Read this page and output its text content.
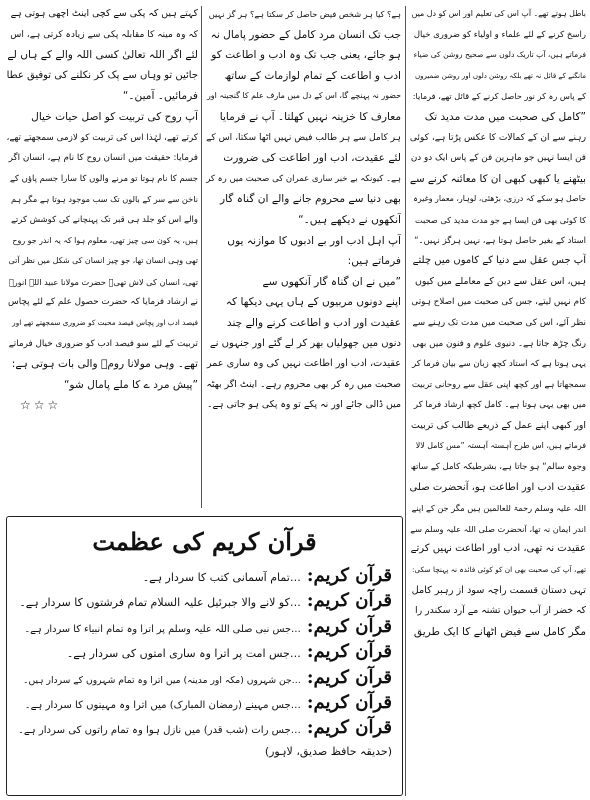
باطل ہوتے تھے۔ آپ اس کی تعلیم اور اس کو دل میں
راسخ کرنے کے لئے علماء و اولیاء کو ضروری خیال
فرماتے ہیں، آپ تاریک دلوں سے صحیح روشن کی ضیاء
مانگنے کے قائل نہ تھے بلکہ روشن دلوں اور روشن ضمیروں
کے پاس رہ کر نور حاصل کرنے کے قائل تھے، فرمایا:
”کامل کی صحبت میں مدت مدید تک
رہنے سے ان کے کمالات کا عکس پڑتا ہے، کوئی
فن ایسا نہیں جو ماہرین فن کے پاس ایک دو دن
بیٹھنے یا کبھی کبھی ان کا معائنہ کرنے سے
حاصل ہو سکے کہ درزی، بڑھئی، لوہار، معمار وغیرہ
کا کوئی بھی فن ایسا ہے جو مدت مدید کی صحبت
استاد کے بغیر حاصل ہوتا ہے، نہیں ہرگز نہیں۔“
آپ جس عقل سے دنیا کے کاموں میں چلتے
ہیں، اس عقل سے دین کے معاملے میں کیوں
کام نہیں لیتے، جس کی صحبت میں اصلاح ہوتی
نظر آئے، اس کی صحبت میں مدت تک رہنے سے
رنگ چڑھ جاتا ہے۔ دنیوی علوم و فنون میں بھی
یہی ہوتا ہے کہ استاد کچھ زبان سے بیان فرما کر
سمجھاتا ہے اور کچھ اپنی عقل سے روحانی تربیت
میں بھی یہی ہوتا ہے۔ کامل کچھ ارشاد فرما کر
اور کبھی اپنے عمل کے ذریعے طالب کی تربیت
فرماتے ہیں، اس طرح آہستہ آہستہ ”مس کامل لالا
وجوہ سالم“ ہو جاتا ہے، بشرطیکہ کامل کے ساتھ
عقیدت ادب اور اطاعت ہو، آنحضرت صلی
اللہ علیہ وسلم رحمۃ للعالمین ہیں مگر جن کے اپنے
اندر ایمان نہ تھا، آنحضرت صلی اللہ علیہ وسلم سے
عقیدت نہ تھی، ادب اور اطاعت نہیں کرتے
تھے، آپ کی صحبت بھی ان کو کوئی فائدہ نہ پہنچا سکی:
تہی دستان قسمت راچہ سود از رہبر کامل
کہ خضر از آب حیواں تشنہ مے آرد سکندر را
مگر کامل سے فیض اٹھانے کا ایک طریق
ہے؟ کیا ہر شخص فیض حاصل کر سکتا ہے؟ ہر گز نہیں
جب تک انسان مرد کامل کے حضور پامال نہ
ہو جائے، یعنی جب تک وہ ادب و اطاعت کو
ادب و اطاعت کے تمام لوازمات کے ساتھ
حضور نہ پہنچے گا، اس کے دل میں مارف علم کا گنجینہ اور
معارف کا خزینہ نہیں کھلتا۔ آپ نے فرمایا
ہر کامل سے ہر طالب فیض نہیں اٹھا سکتا، اس کے
لئے عقیدت، ادب اور اطاعت کی ضرورت
ہے۔ کیونکہ بے خبر ساری عمران کی صحبت میں رہ کر
بھی دنیا سے محروم جانے والے ان گناہ گار
آنکھوں نے دیکھے ہیں۔“
آپ اہل ادب اور بے ادبوں کا موازنہ یوں
فرماتے ہیں:
”میں نے ان گناہ گار آنکھوں سے
اپنے دونوں مربیوں کے ہاں یہی دیکھا کہ
عقیدت اور ادب و اطاعت کرنے والے چند
دنوں میں جھولیاں بھر کر لے گئے اور جنہوں نے
عقیدت، ادب اور اطاعت نہیں کی وہ ساری عمر
صحبت میں رہ کر بھی محروم رہے۔ اینٹ اگر بھٹہ
میں ڈالی جائے اور نہ پکے تو وہ پکی ہو جاتی ہے۔
کہتے ہیں کہ پکی سے کچی اینٹ اچھی ہوتی ہے
کہ وہ مینہ کا مقابلہ پکی سے زیادہ کرتی ہے، اس
لئے اگر اللہ تعالیٰ کسی اللہ والے کے ہاں لے
جائیں تو وہاں سے پک کر نکلنے کی توفیق عطا
فرمائیں۔ آمین۔“
آپ روح کی تربیت کو اصل حیات خیال
کرتے تھے، لہٰذا اس کی تربیت کو لازمی سمجھتے تھے،
فرمایا: حقیقت میں انسان روح کا نام ہے، انسان اگر
جسم کا نام ہوتا تو مرنے والوں کا سارا جسم پاؤں کے
ناخن سے سر کے بالوں تک سب موجود ہوتا ہے مگر ہم
والے اس کو جلد ہی قبر تک پہنچانے کی کوشش کرتے
ہیں، یہ کون سی چیز تھی، معلوم ہوا کہ یہ اندر جو روح
تھی وہی انسان تھا، جو چیز انسان کی شکل میں نظر آتی
تھی، انسان کی لاش تھی۔ حضرت مولانا عبید اللہ انورؒ
نے ارشاد فرمایا کہ حضرت حصول علم کے لئے پچاس
فیصد ادب اور پچاس فیصد محبت کو ضروری سمجھتے تھے اور
تربیت کے لئے سو فیصد ادب کو ضروری خیال فرماتے
تھے۔ وہی مولانا رومؒ والی بات ہوتی ہے:
”پیش مرد ے کا ملے پامال شو“
☆☆☆
قرآن کریم کی عظمت
قرآن کریم:
…تمام آسمانی کتب کا سردار ہے۔
قرآن کریم:
…کو لانے والا جبرئیل علیہ السلام تمام فرشتوں کا سردار ہے۔
قرآن کریم:
…جس نبی صلی اللہ علیہ وسلم پر اترا وہ تمام انبیاء کا سردار ہے۔
قرآن کریم:
…جس امت پر اترا وہ ساری امتوں کی سردار ہے۔
قرآن کریم:
…جن شہروں (مکہ اور مدینہ) میں اترا وہ تمام شہروں کے سردار ہیں۔
قرآن کریم:
…جس مہینے (رمضان المبارک) میں اترا وہ مہینوں کا سردار ہے۔
قرآن کریم:
…جس رات (شب قدر) میں نازل ہوا وہ تمام راتوں کی سردار ہے۔
(حدیقہ حافظ صدیق، لاہور)
